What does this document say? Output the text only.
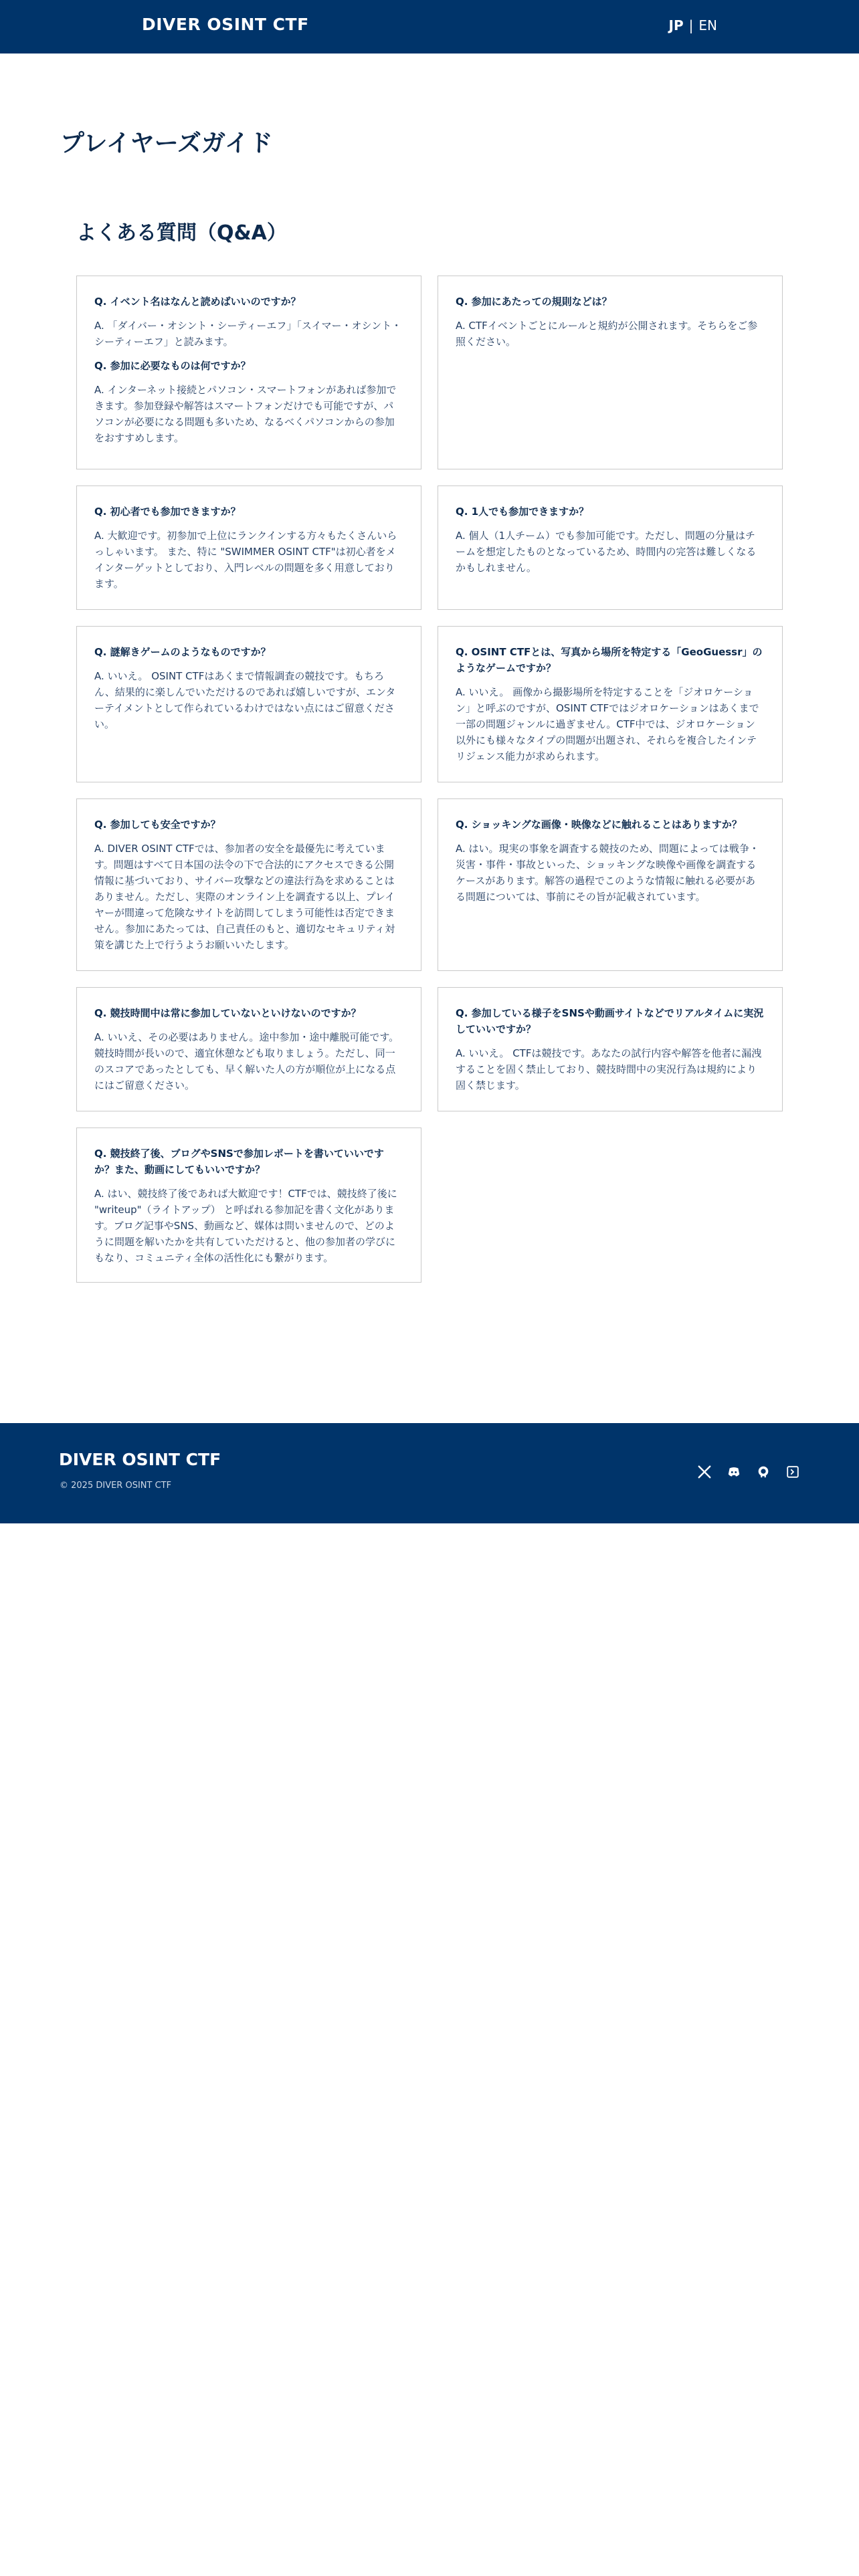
DIVER OSINT CTF	JP | EN
プレイヤーズガイド
よくある質問（Q&A）

Q. イベント名はなんと読めばいいのですか？

A. 「ダイバー・オシント・シーティーエフ」「スイマー・オシント・シーティーエフ」と読みます。

Q. 参加に必要なものは何ですか？

A. インターネット接続とパソコン・スマートフォンがあれば参加できます。参加登録や解答はスマートフォンだけでも可能ですが、パソコンが必要になる問題も多いため、なるべくパソコンからの参加をおすすめします。

Q. 参加にあたっての規則などは？

A. CTFイベントごとにルールと規約が公開されます。そちらをご参照ください。

Q. 初心者でも参加できますか？

A. 大歓迎です。初参加で上位にランクインする方々もたくさんいらっしゃいます。 また、特に "SWIMMER OSINT CTF"は初心者をメインターゲットとしており、入門レベルの問題を多く用意しております。

Q. 1人でも参加できますか？

A. 個人（1人チーム）でも参加可能です。ただし、問題の分量はチームを想定したものとなっているため、時間内の完答は難しくなるかもしれません。

Q. 謎解きゲームのようなものですか？

A. いいえ。 OSINT CTFはあくまで情報調査の競技です。もちろん、結果的に楽しんでいただけるのであれば嬉しいですが、エンターテイメントとして作られているわけではない点にはご留意ください。

Q. OSINT CTFとは、写真から場所を特定する「GeoGuessr」のようなゲームですか？

A. いいえ。 画像から撮影場所を特定することを「ジオロケーション」と呼ぶのですが、OSINT CTFではジオロケーションはあくまで一部の問題ジャンルに過ぎません。CTF中では、ジオロケーション以外にも様々なタイプの問題が出題され、それらを複合したインテリジェンス能力が求められます。

Q. 参加しても安全ですか？

A. DIVER OSINT CTFでは、参加者の安全を最優先に考えています。問題はすべて日本国の法令の下で合法的にアクセスできる公開情報に基づいており、サイバー攻撃などの違法行為を求めることはありません。ただし、実際のオンライン上を調査する以上、プレイヤーが間違って危険なサイトを訪問してしまう可能性は否定できません。参加にあたっては、自己責任のもと、適切なセキュリティ対策を講じた上で行うようお願いいたします。

Q. ショッキングな画像・映像などに触れることはありますか？

A. はい。現実の事象を調査する競技のため、問題によっては戦争・災害・事件・事故といった、ショッキングな映像や画像を調査するケースがあります。解答の過程でこのような情報に触れる必要がある問題については、事前にその旨が記載されています。

Q. 競技時間中は常に参加していないといけないのですか？

A. いいえ、その必要はありません。途中参加・途中離脱可能です。競技時間が長いので、適宜休憩なども取りましょう。ただし、同一のスコアであったとしても、早く解いた人の方が順位が上になる点にはご留意ください。

Q. 参加している様子をSNSや動画サイトなどでリアルタイムに実況していいですか？

A. いいえ。 CTFは競技です。あなたの試行内容や解答を他者に漏洩することを固く禁止しており、競技時間中の実況行為は規約により固く禁じます。

Q. 競技終了後、ブログやSNSで参加レポートを書いていいですか？また、動画にしてもいいですか？

A. はい、競技終了後であれば大歓迎です！CTFでは、競技終了後に "writeup"（ライトアップ） と呼ばれる参加記を書く文化があります。ブログ記事やSNS、動画など、媒体は問いませんので、どのように問題を解いたかを共有していただけると、他の参加者の学びにもなり、コミュニティ全体の活性化にも繋がります。

DIVER OSINT CTF
© 2025 DIVER OSINT CTF
